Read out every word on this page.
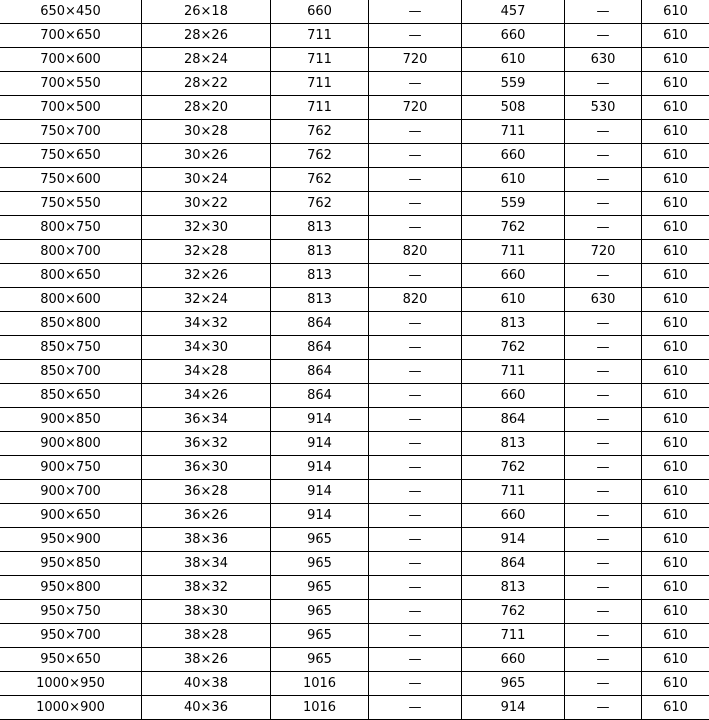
650×450	26×18	660	—	457	—	610
700×650	28×26	711	—	660	—	610
700×600	28×24	711	720	610	630	610
700×550	28×22	711	—	559	—	610
700×500	28×20	711	720	508	530	610
750×700	30×28	762	—	711	—	610
750×650	30×26	762	—	660	—	610
750×600	30×24	762	—	610	—	610
750×550	30×22	762	—	559	—	610
800×750	32×30	813	—	762	—	610
800×700	32×28	813	820	711	720	610
800×650	32×26	813	—	660	—	610
800×600	32×24	813	820	610	630	610
850×800	34×32	864	—	813	—	610
850×750	34×30	864	—	762	—	610
850×700	34×28	864	—	711	—	610
850×650	34×26	864	—	660	—	610
900×850	36×34	914	—	864	—	610
900×800	36×32	914	—	813	—	610
900×750	36×30	914	—	762	—	610
900×700	36×28	914	—	711	—	610
900×650	36×26	914	—	660	—	610
950×900	38×36	965	—	914	—	610
950×850	38×34	965	—	864	—	610
950×800	38×32	965	—	813	—	610
950×750	38×30	965	—	762	—	610
950×700	38×28	965	—	711	—	610
950×650	38×26	965	—	660	—	610
1000×950	40×38	1016	—	965	—	610
1000×900	40×36	1016	—	914	—	610
